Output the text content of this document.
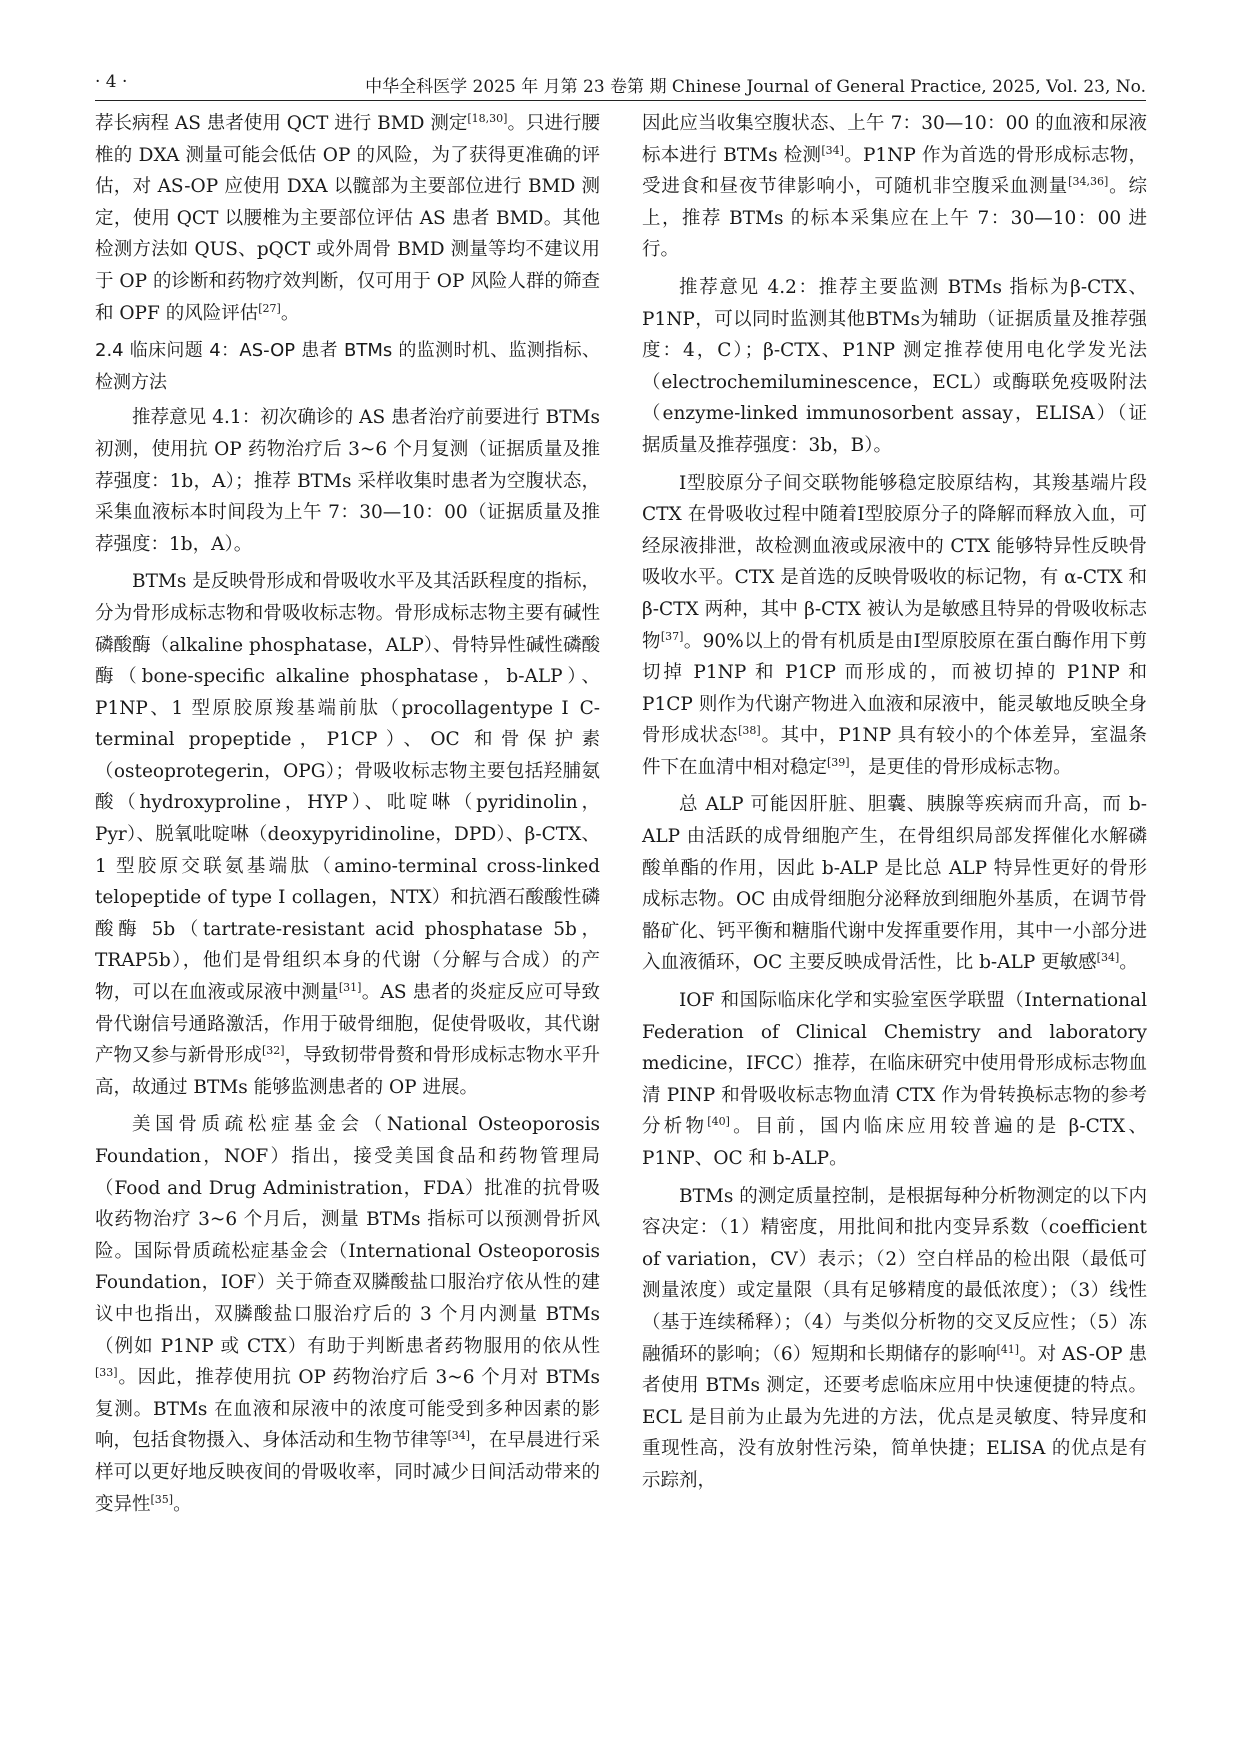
· 4 ·	中华全科医学 2025 年 月第 23 卷第 期 Chinese Journal of General Practice, 2025, Vol. 23, No.

荐长病程 AS 患者使用 QCT 进行 BMD 测定[18,30]。只进行腰椎的 DXA 测量可能会低估 OP 的风险，为了获得更准确的评估，对 AS-OP 应使用 DXA 以髋部为主要部位进行 BMD 测定，使用 QCT 以腰椎为主要部位评估 AS 患者 BMD。其他检测方法如 QUS、pQCT 或外周骨 BMD 测量等均不建议用于 OP 的诊断和药物疗效判断，仅可用于 OP 风险人群的筛查和 OPF 的风险评估[27]。

2.4 临床问题 4：AS-OP 患者 BTMs 的监测时机、监测指标、检测方法

推荐意见 4.1：初次确诊的 AS 患者治疗前要进行 BTMs 初测，使用抗 OP 药物治疗后 3~6 个月复测（证据质量及推荐强度：1b，A）；推荐 BTMs 采样收集时患者为空腹状态，采集血液标本时间段为上午 7：30—10：00（证据质量及推荐强度：1b，A）。

BTMs 是反映骨形成和骨吸收水平及其活跃程度的指标，分为骨形成标志物和骨吸收标志物。骨形成标志物主要有碱性磷酸酶（alkaline phosphatase，ALP）、骨特异性碱性磷酸酶（bone-specific alkaline phosphatase，b-ALP）、P1NP、1 型原胶原羧基端前肽（procollagentype Ⅰ C-terminal propeptide，P1CP）、OC 和骨保护素（osteoprotegerin，OPG）；骨吸收标志物主要包括羟脯氨酸（hydroxyproline，HYP）、吡啶啉（pyridinolin，Pyr）、脱氧吡啶啉（deoxypyridinoline，DPD）、β-CTX、1 型胶原交联氨基端肽（amino-terminal cross-linked telopeptide of type Ⅰ collagen，NTX）和抗酒石酸酸性磷酸酶 5b（tartrate-resistant acid phosphatase 5b，TRAP5b），他们是骨组织本身的代谢（分解与合成）的产物，可以在血液或尿液中测量[31]。AS 患者的炎症反应可导致骨代谢信号通路激活，作用于破骨细胞，促使骨吸收，其代谢产物又参与新骨形成[32]，导致韧带骨赘和骨形成标志物水平升高，故通过 BTMs 能够监测患者的 OP 进展。

美国骨质疏松症基金会（National Osteoporosis Foundation，NOF）指出，接受美国食品和药物管理局（Food and Drug Administration，FDA）批准的抗骨吸收药物治疗 3~6 个月后，测量 BTMs 指标可以预测骨折风险。国际骨质疏松症基金会（International Osteoporosis Foundation，IOF）关于筛查双膦酸盐口服治疗依从性的建议中也指出，双膦酸盐口服治疗后的 3 个月内测量 BTMs（例如 P1NP 或 CTX）有助于判断患者药物服用的依从性[33]。因此，推荐使用抗 OP 药物治疗后 3~6 个月对 BTMs 复测。BTMs 在血液和尿液中的浓度可能受到多种因素的影响，包括食物摄入、身体活动和生物节律等[34]，在早晨进行采样可以更好地反映夜间的骨吸收率，同时减少日间活动带来的变异性[35]。

因此应当收集空腹状态、上午 7：30—10：00 的血液和尿液标本进行 BTMs 检测[34]。P1NP 作为首选的骨形成标志物，受进食和昼夜节律影响小，可随机非空腹采血测量[34,36]。综上，推荐 BTMs 的标本采集应在上午 7：30—10：00 进行。

推荐意见 4.2：推荐主要监测 BTMs 指标为β-CTX、P1NP，可以同时监测其他BTMs为辅助（证据质量及推荐强度：4，C）；β-CTX、P1NP 测定推荐使用电化学发光法（electrochemiluminescence，ECL）或酶联免疫吸附法（enzyme-linked immunosorbent assay，ELISA）（证据质量及推荐强度：3b，B）。

Ⅰ型胶原分子间交联物能够稳定胶原结构，其羧基端片段 CTX 在骨吸收过程中随着Ⅰ型胶原分子的降解而释放入血，可经尿液排泄，故检测血液或尿液中的 CTX 能够特异性反映骨吸收水平。CTX 是首选的反映骨吸收的标记物，有 α-CTX 和 β-CTX 两种，其中 β-CTX 被认为是敏感且特异的骨吸收标志物[37]。90%以上的骨有机质是由Ⅰ型原胶原在蛋白酶作用下剪切掉 P1NP 和 P1CP 而形成的，而被切掉的 P1NP 和 P1CP 则作为代谢产物进入血液和尿液中，能灵敏地反映全身骨形成状态[38]。其中，P1NP 具有较小的个体差异，室温条件下在血清中相对稳定[39]，是更佳的骨形成标志物。

总 ALP 可能因肝脏、胆囊、胰腺等疾病而升高，而 b-ALP 由活跃的成骨细胞产生，在骨组织局部发挥催化水解磷酸单酯的作用，因此 b-ALP 是比总 ALP 特异性更好的骨形成标志物。OC 由成骨细胞分泌释放到细胞外基质，在调节骨骼矿化、钙平衡和糖脂代谢中发挥重要作用，其中一小部分进入血液循环，OC 主要反映成骨活性，比 b-ALP 更敏感[34]。

IOF 和国际临床化学和实验室医学联盟（International Federation of Clinical Chemistry and laboratory medicine，IFCC）推荐，在临床研究中使用骨形成标志物血清 PINP 和骨吸收标志物血清 CTX 作为骨转换标志物的参考分析物[40]。目前，国内临床应用较普遍的是 β-CTX、P1NP、OC 和 b-ALP。

BTMs 的测定质量控制，是根据每种分析物测定的以下内容决定：（1）精密度，用批间和批内变异系数（coefficient of variation，CV）表示；（2）空白样品的检出限（最低可测量浓度）或定量限（具有足够精度的最低浓度）；（3）线性（基于连续稀释）；（4）与类似分析物的交叉反应性；（5）冻融循环的影响；（6）短期和长期储存的影响[41]。对 AS-OP 患者使用 BTMs 测定，还要考虑临床应用中快速便捷的特点。ECL 是目前为止最为先进的方法，优点是灵敏度、特异度和重现性高，没有放射性污染，简单快捷；ELISA 的优点是有示踪剂，
